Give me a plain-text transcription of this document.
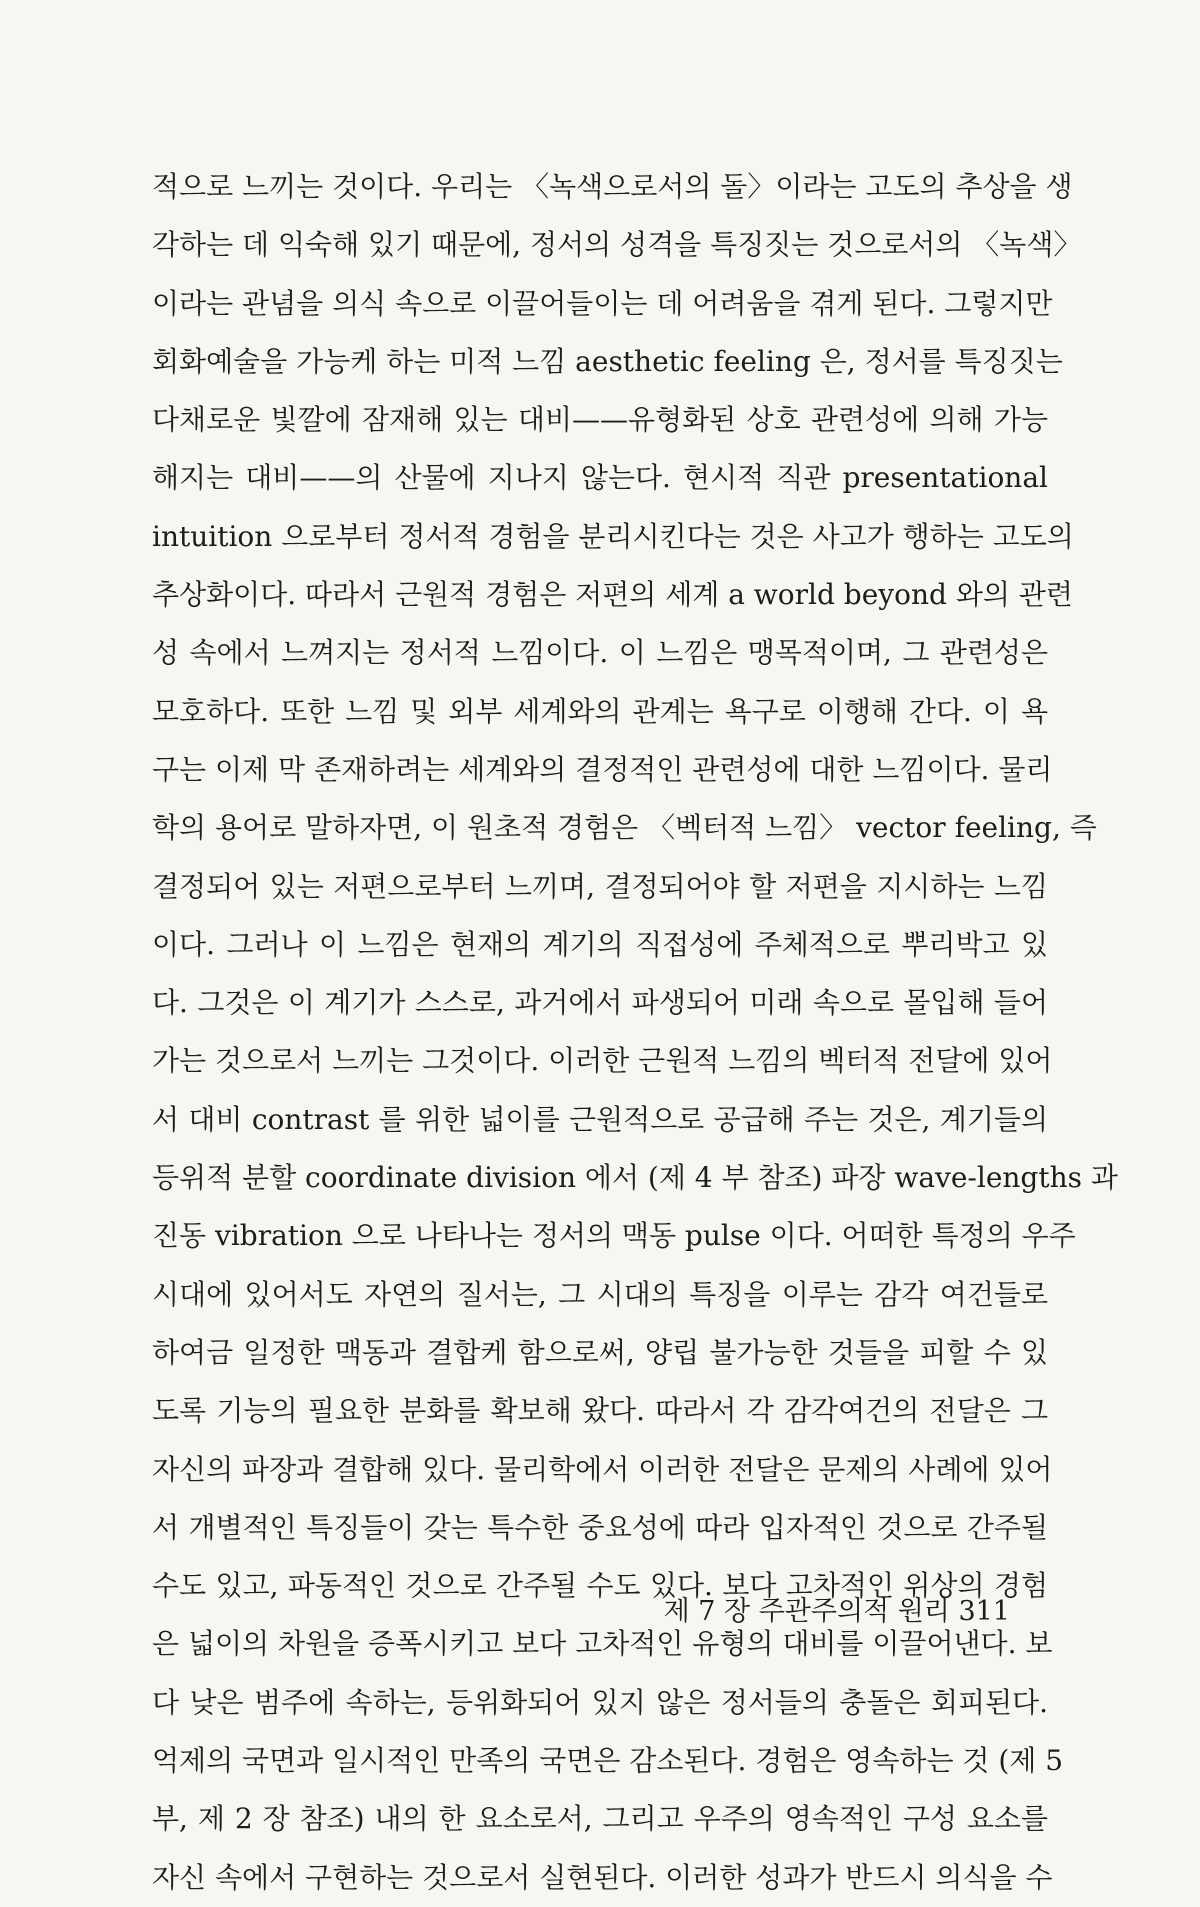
적으로 느끼는 것이다. 우리는 〈녹색으로서의 돌〉이라는 고도의 추상을 생
각하는 데 익숙해 있기 때문에, 정서의 성격을 특징짓는 것으로서의 〈녹색〉
이라는 관념을 의식 속으로 이끌어들이는 데 어려움을 겪게 된다. 그렇지만
회화예술을 가능케 하는 미적 느낌 aesthetic feeling 은, 정서를 특징짓는
다채로운 빛깔에 잠재해 있는 대비——유형화된 상호 관련성에 의해 가능
해지는 대비——의 산물에 지나지 않는다. 현시적 직관 presentational
intuition 으로부터 정서적 경험을 분리시킨다는 것은 사고가 행하는 고도의
추상화이다. 따라서 근원적 경험은 저편의 세계 a world beyond 와의 관련
성 속에서 느껴지는 정서적 느낌이다. 이 느낌은 맹목적이며, 그 관련성은
모호하다. 또한 느낌 및 외부 세계와의 관계는 욕구로 이행해 간다. 이 욕
구는 이제 막 존재하려는 세계와의 결정적인 관련성에 대한 느낌이다. 물리
학의 용어로 말하자면, 이 원초적 경험은 〈벡터적 느낌〉 vector feeling, 즉
결정되어 있는 저편으로부터 느끼며, 결정되어야 할 저편을 지시하는 느낌
이다. 그러나 이 느낌은 현재의 계기의 직접성에 주체적으로 뿌리박고 있
다. 그것은 이 계기가 스스로, 과거에서 파생되어 미래 속으로 몰입해 들어
가는 것으로서 느끼는 그것이다. 이러한 근원적 느낌의 벡터적 전달에 있어
서 대비 contrast 를 위한 넓이를 근원적으로 공급해 주는 것은, 계기들의
등위적 분할 coordinate division 에서 (제 4 부 참조) 파장 wave-lengths 과
진동 vibration 으로 나타나는 정서의 맥동 pulse 이다. 어떠한 특정의 우주
시대에 있어서도 자연의 질서는, 그 시대의 특징을 이루는 감각 여건들로
하여금 일정한 맥동과 결합케 함으로써, 양립 불가능한 것들을 피할 수 있
도록 기능의 필요한 분화를 확보해 왔다. 따라서 각 감각여건의 전달은 그
자신의 파장과 결합해 있다. 물리학에서 이러한 전달은 문제의 사례에 있어
서 개별적인 특징들이 갖는 특수한 중요성에 따라 입자적인 것으로 간주될
수도 있고, 파동적인 것으로 간주될 수도 있다. 보다 고차적인 위상의 경험
은 넓이의 차원을 증폭시키고 보다 고차적인 유형의 대비를 이끌어낸다. 보
다 낮은 범주에 속하는, 등위화되어 있지 않은 정서들의 충돌은 회피된다.
억제의 국면과 일시적인 만족의 국면은 감소된다. 경험은 영속하는 것 (제 5
부, 제 2 장 참조) 내의 한 요소로서, 그리고 우주의 영속적인 구성 요소를
자신 속에서 구현하는 것으로서 실현된다. 이러한 성과가 반드시 의식을 수
제 7 장 주관주의적 원리 311
